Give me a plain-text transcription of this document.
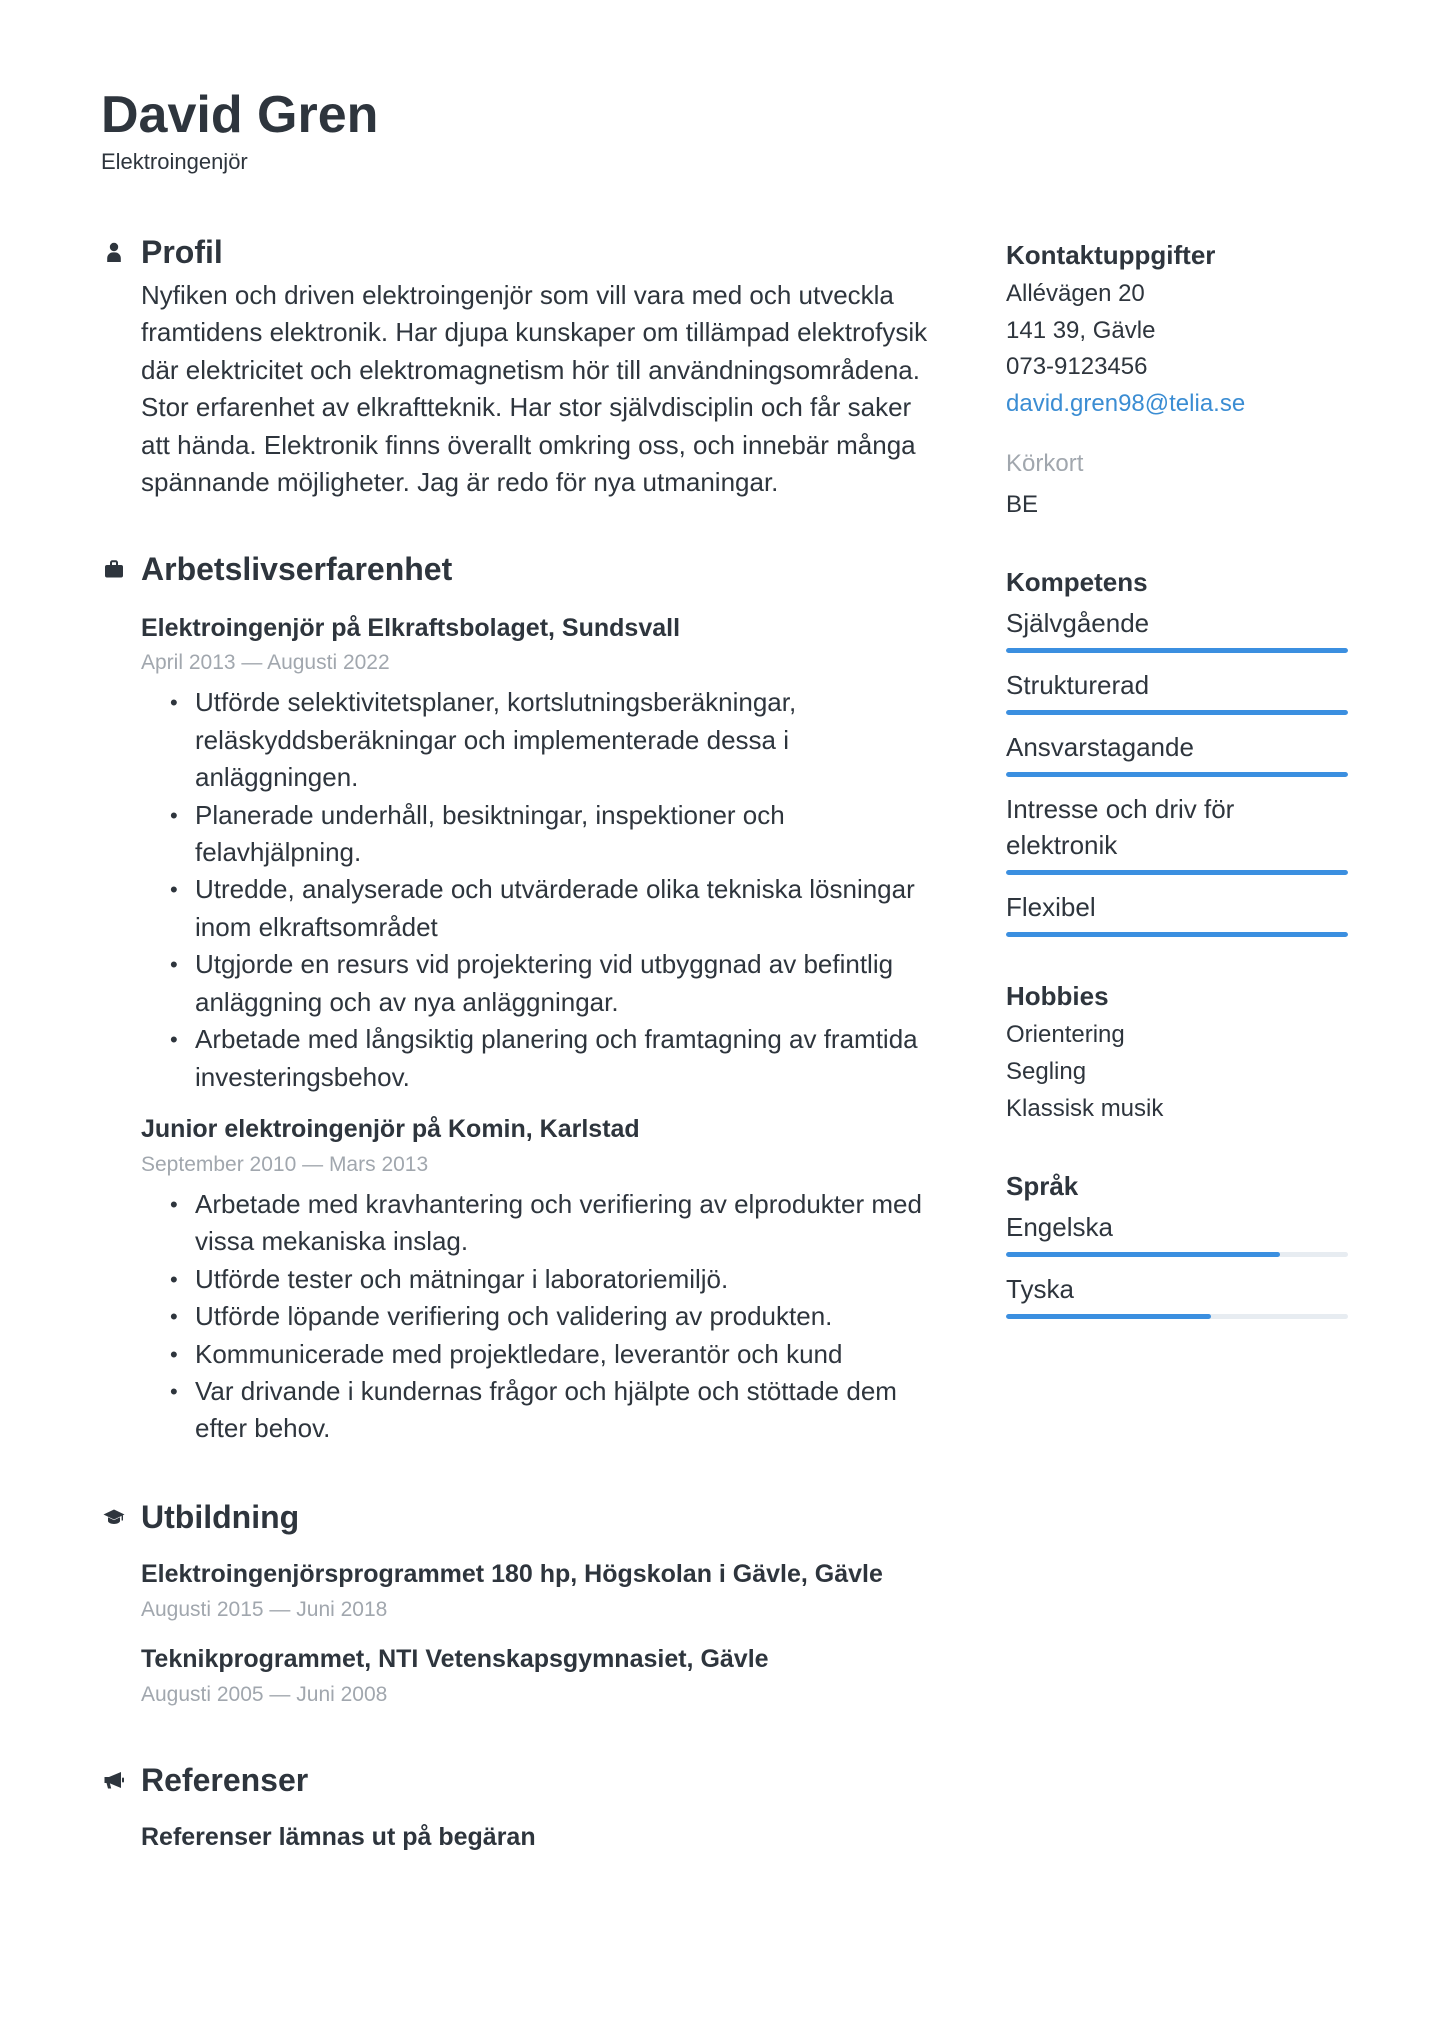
David Gren
Elektroingenjör
Profil

Nyfiken och driven elektroingenjör som vill vara med och utveckla framtidens elektronik. Har djupa kunskaper om tillämpad elektrofysik där elektricitet och elektromagnetism hör till användningsområdena. Stor erfarenhet av elkraftteknik. Har stor självdisciplin och får saker att hända. Elektronik finns överallt omkring oss, och innebär många spännande möjligheter. Jag är redo för nya utmaningar.

Arbetslivserfarenhet
Elektroingenjör på Elkraftsbolaget, Sundsvall
April 2013 — Augusti 2022
• Utförde selektivitetsplaner, kortslutningsberäkningar, reläskyddsberäkningar och implementerade dessa i anläggningen.
• Planerade underhåll, besiktningar, inspektioner och felavhjälpning.
• Utredde, analyserade och utvärderade olika tekniska lösningar inom elkraftsområdet
• Utgjorde en resurs vid projektering vid utbyggnad av befintlig anläggning och av nya anläggningar.
• Arbetade med långsiktig planering och framtagning av framtida investeringsbehov.
Junior elektroingenjör på Komin, Karlstad
September 2010 — Mars 2013
• Arbetade med kravhantering och verifiering av elprodukter med vissa mekaniska inslag.
• Utförde tester och mätningar i laboratoriemiljö.
• Utförde löpande verifiering och validering av produkten.
• Kommunicerade med projektledare, leverantör och kund
• Var drivande i kundernas frågor och hjälpte och stöttade dem efter behov.
Utbildning
Elektroingenjörsprogrammet 180 hp, Högskolan i Gävle, Gävle
Augusti 2015 — Juni 2018
Teknikprogrammet, NTI Vetenskapsgymnasiet, Gävle
Augusti 2005 — Juni 2008
Referenser
Referenser lämnas ut på begäran
Kontaktuppgifter
Allévägen 20
141 39, Gävle
073-9123456
david.gren98@telia.se
Körkort
BE
Kompetens
Självgående
Strukturerad
Ansvarstagande
Intresse och driv för elektronik
Flexibel
Hobbies
Orientering
Segling
Klassisk musik
Språk
Engelska
Tyska
